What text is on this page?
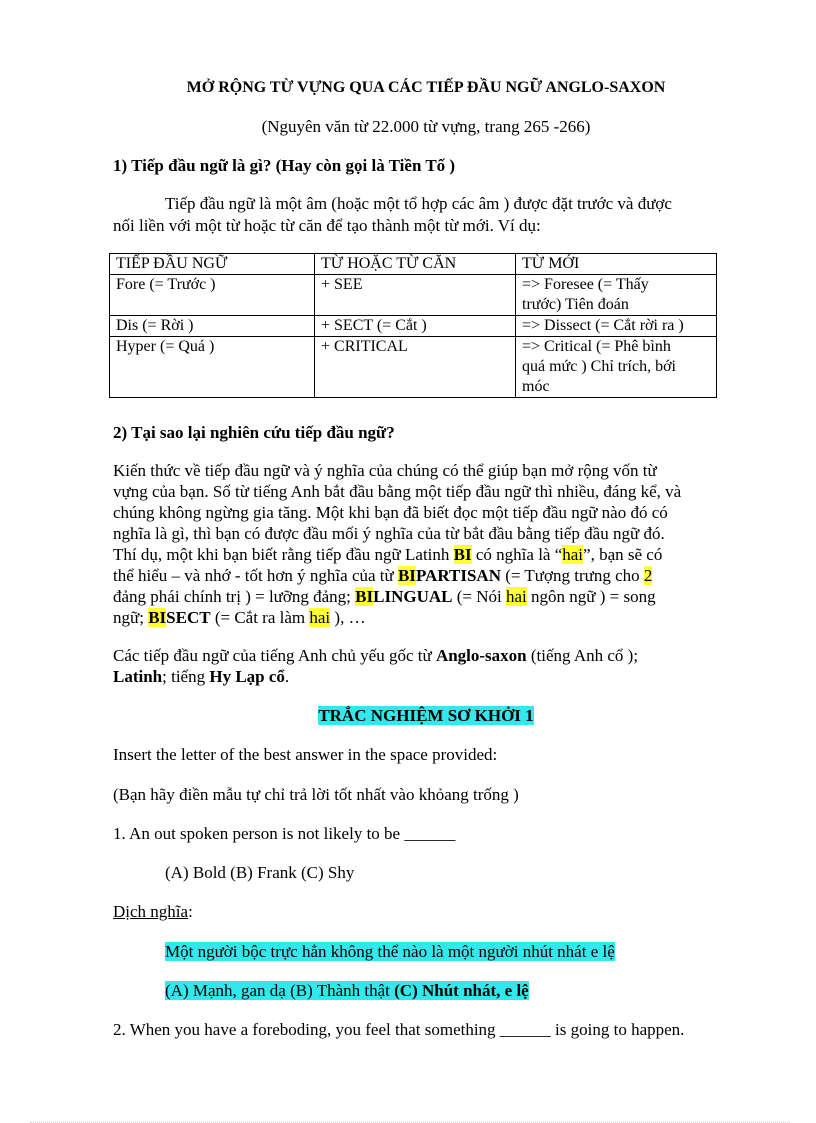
MỞ RỘNG TỪ VỰNG QUA CÁC TIẾP ĐẦU NGỮ ANGLO-SAXON
(Nguyên văn từ 22.000 từ vựng, trang 265 -266)
1) Tiếp đầu ngữ là gì? (Hay còn gọi là Tiền Tố )
Tiếp đầu ngữ là một âm (hoặc một tổ hợp các âm ) được đặt trước và được
nối liền với một từ hoặc từ căn để tạo thành một từ mới. Ví dụ:
TIẾP ĐẦU NGỮ	TỪ HOẶC TỪ CĂN	TỪ MỚI
Fore (= Trước )	+ SEE	=> Foresee (= Thấy
trước) Tiên đoán

Dis (= Rời )	+ SECT (= Cắt )	=> Dissect (= Cắt rời ra )
Hyper (= Quá )	+ CRITICAL	=> Critical (= Phê bình
quá mức ) Chỉ trích, bới
móc
2) Tại sao lại nghiên cứu tiếp đầu ngữ?
Kiến thức về tiếp đầu ngữ và ý nghĩa của chúng có thể giúp bạn mở rộng vốn từ
vựng của bạn. Số từ tiếng Anh bắt đầu bằng một tiếp đầu ngữ thì nhiều, đáng kể, và
chúng không ngừng gia tăng. Một khi bạn đã biết đọc một tiếp đầu ngữ nào đó có
nghĩa là gì, thì bạn có được đầu mối ý nghĩa của từ bắt đầu bằng tiếp đầu ngữ đó.
Thí dụ, một khi bạn biết rằng tiếp đầu ngữ Latinh BI có nghĩa là “hai”, bạn sẽ có
thể hiểu – và nhớ - tốt hơn ý nghĩa của từ BIPARTISAN (= Tượng trưng cho 2
đảng phái chính trị ) = lưỡng đảng; BILINGUAL (= Nói hai ngôn ngữ ) = song
ngữ; BISECT (= Cắt ra làm hai ), …
Các tiếp đầu ngữ của tiếng Anh chủ yếu gốc từ Anglo-saxon (tiếng Anh cổ );
Latinh; tiếng Hy Lạp cổ.
TRẮC NGHIỆM SƠ KHỞI 1
Insert the letter of the best answer in the space provided:
(Bạn hãy điền mẫu tự chỉ trả lời tốt nhất vào khỏang trống )
1. An out spoken person is not likely to be ______
(A) Bold (B) Frank (C) Shy
Dịch nghĩa:
Một người bộc trực hẳn không thể nào là một người nhút nhát e lệ
(A) Mạnh, gan dạ (B) Thành thật (C) Nhút nhát, e lệ
2. When you have a foreboding, you feel that something ______ is going to happen.
